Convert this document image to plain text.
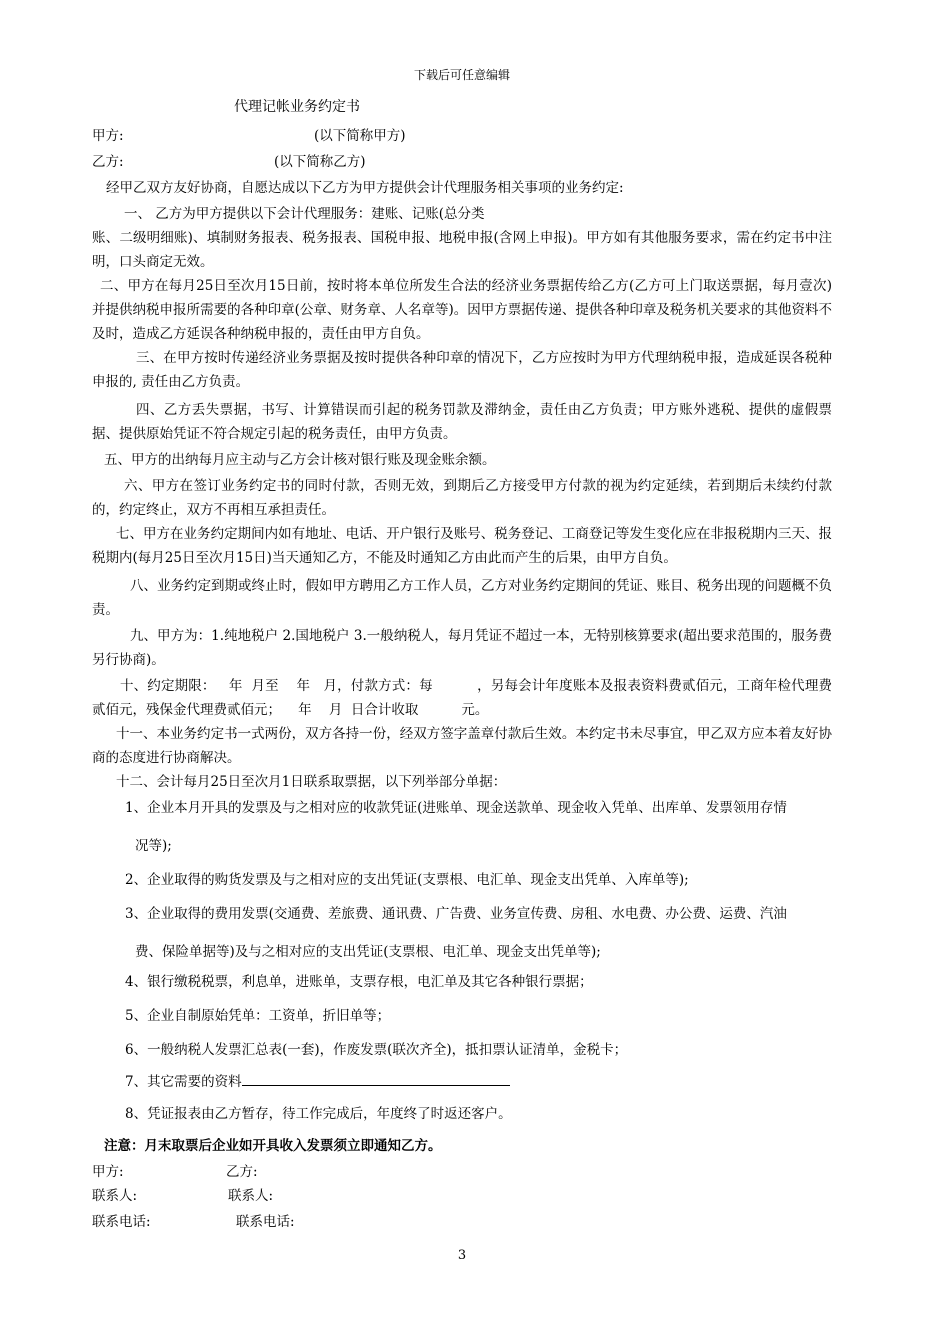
下载后可任意编辑
代理记帐业务约定书
甲方:	(以下简称甲方)
乙方:	(以下简称乙方)
经甲乙双方友好协商，自愿达成以下乙方为甲方提供会计代理服务相关事项的业务约定:
一、 乙方为甲方提供以下会计代理服务：建账、记账(总分类
账、二级明细账)、填制财务报表、税务报表、国税申报、地税申报(含网上申报)。甲方如有其他服务要求，需在约定书中注明，口头商定无效。
二、甲方在每月25日至次月15日前，按时将本单位所发生合法的经济业务票据传给乙方(乙方可上门取送票据，每月壹次)并提供纳税申报所需要的各种印章(公章、财务章、人名章等)。因甲方票据传递、提供各种印章及税务机关要求的其他资料不及时，造成乙方延误各种纳税申报的，责任由甲方自负。
三、在甲方按时传递经济业务票据及按时提供各种印章的情况下，乙方应按时为甲方代理纳税申报，造成延误各税种申报的, 责任由乙方负责。
四、乙方丢失票据，书写、计算错误而引起的税务罚款及滞纳金，责任由乙方负责；甲方账外逃税、提供的虚假票据、提供原始凭证不符合规定引起的税务责任，由甲方负责。
五、甲方的出纳每月应主动与乙方会计核对银行账及现金账余额。
六、甲方在签订业务约定书的同时付款，否则无效，到期后乙方接受甲方付款的视为约定延续，若到期后未续约付款的，约定终止，双方不再相互承担责任。
七、甲方在业务约定期间内如有地址、电话、开户银行及账号、税务登记、工商登记等发生变化应在非报税期内三天、报税期内(每月25日至次月15日)当天通知乙方，不能及时通知乙方由此而产生的后果，由甲方自负。
八、业务约定到期或终止时，假如甲方聘用乙方工作人员，乙方对业务约定期间的凭证、账目、税务出现的问题概不负责。
九、甲方为：1.纯地税户 2.国地税户 3.一般纳税人，每月凭证不超过一本，无特别核算要求(超出要求范围的，服务费另行协商)。
十、约定期限：   年  月至    年   月，付款方式：每          ，另每会计年度账本及报表资料费贰佰元，工商年检代理费贰佰元，残保金代理费贰佰元；    年    月  日合计收取          元。
十一、本业务约定书一式两份，双方各持一份，经双方签字盖章付款后生效。本约定书未尽事宜，甲乙双方应本着友好协商的态度进行协商解决。
十二、会计每月25日至次月1日联系取票据，以下列举部分单据：
1、企业本月开具的发票及与之相对应的收款凭证(进账单、现金送款单、现金收入凭单、出库单、发票领用存情
况等);
2、企业取得的购货发票及与之相对应的支出凭证(支票根、电汇单、现金支出凭单、入库单等);
3、企业取得的费用发票(交通费、差旅费、通讯费、广告费、业务宣传费、房租、水电费、办公费、运费、汽油
费、保险单据等)及与之相对应的支出凭证(支票根、电汇单、现金支出凭单等);
4、银行缴税税票，利息单，进账单，支票存根，电汇单及其它各种银行票据；
5、企业自制原始凭单：工资单，折旧单等；
6、一般纳税人发票汇总表(一套)，作废发票(联次齐全)，抵扣票认证清单，金税卡；
7、其它需要的资料
8、凭证报表由乙方暂存，待工作完成后，年度终了时返还客户。
注意：月末取票后企业如开具收入发票须立即通知乙方。
甲方:	乙方:
联系人:	联系人:
联系电话:	联系电话:
3
